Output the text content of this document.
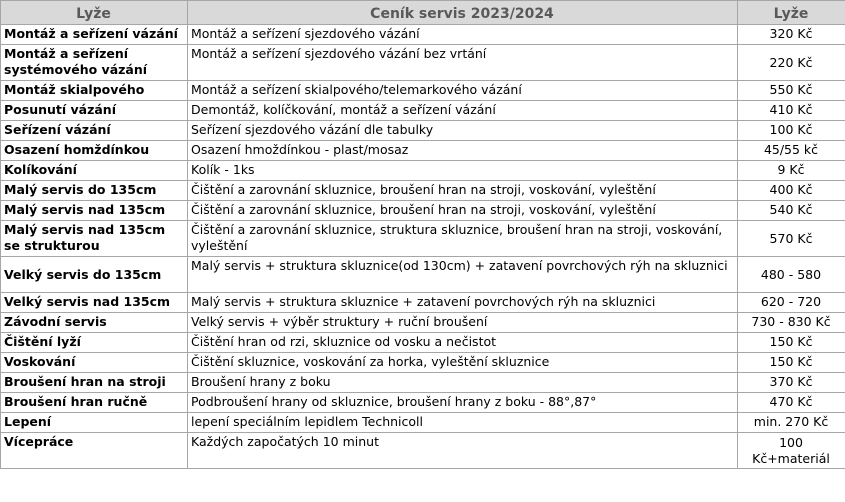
Lyže	Ceník servis 2023/2024	Lyže
Montáž a seřízení vázání	Montáž a seřízení sjezdového vázání	320 Kč
Montáž a seřízení systémového vázání	Montáž a seřízení sjezdového vázání bez vrtání	220 Kč
Montáž skialpového	Montáž a seřízení skialpového/telemarkového vázání	550 Kč
Posunutí vázání	Demontáž, kolíčkování, montáž a seřízení vázání	410 Kč
Seřízení vázání	Seřízení sjezdového vázání dle tabulky	100 Kč
Osazení homždínkou	Osazení hmoždínkou - plast/mosaz	45/55 kč
Kolíkování	Kolík - 1ks	9 Kč
Malý servis do 135cm	Čištění a zarovnání skluznice, broušení hran na stroji, voskování, vyleštění	400 Kč
Malý servis nad 135cm	Čištění a zarovnání skluznice, broušení hran na stroji, voskování, vyleštění	540 Kč
Malý servis nad 135cm se strukturou	Čištění a zarovnání skluznice, struktura skluznice, broušení hran na stroji, voskování, vyleštění	570 Kč
Velký servis do 135cm	Malý servis + struktura skluznice(od 130cm) + zatavení povrchových rýh na skluznici	480 - 580
Velký servis nad 135cm	Malý servis + struktura skluznice + zatavení povrchových rýh na skluznici	620 - 720
Závodní servis	Velký servis + výběr struktury + ruční broušení	730 - 830 Kč
Čištění lyží	Čištění hran od rzi, skluznice od vosku a nečistot	150 Kč
Voskování	Čištění skluznice, voskování za horka, vyleštění skluznice	150 Kč
Broušení hran na stroji	Broušení hrany z boku	370 Kč
Broušení hran ručně	Podbroušení hrany od skluznice, broušení hrany z boku - 88°,87°	470 Kč
Lepení	lepení speciálním lepidlem Technicoll	min. 270 Kč
Vícepráce	Každých započatých 10 minut	100 Kč+materiál
